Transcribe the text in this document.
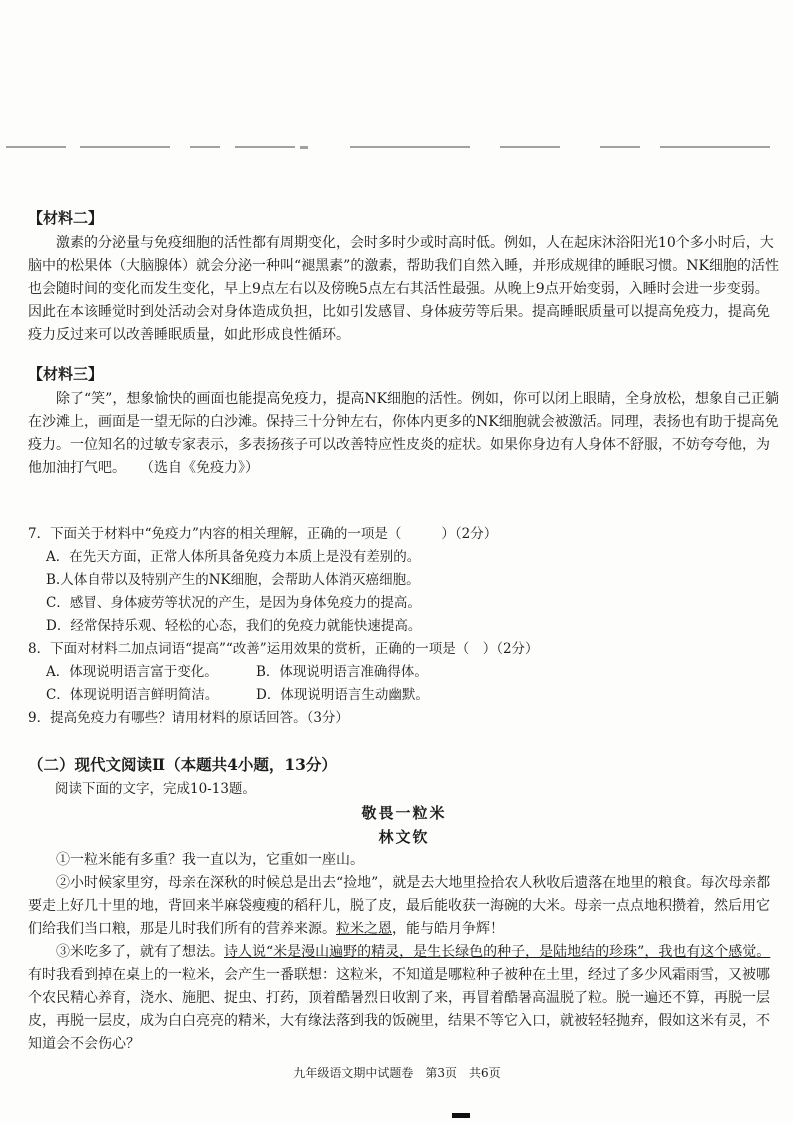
【材料二】

激素的分泌量与免疫细胞的活性都有周期变化，会时多时少或时高时低。例如，人在起床沐浴阳光10个多小时后，大脑中的松果体（大脑腺体）就会分泌一种叫“褪黑素”的激素，帮助我们自然入睡，并形成规律的睡眠习惯。NK细胞的活性也会随时间的变化而发生变化，早上9点左右以及傍晚5点左右其活性最强。从晚上9点开始变弱，入睡时会进一步变弱。因此在本该睡觉时到处活动会对身体造成负担，比如引发感冒、身体疲劳等后果。提高睡眠质量可以提高免疫力，提高免疫力反过来可以改善睡眠质量，如此形成良性循环。

【材料三】

除了“笑”，想象愉快的画面也能提高免疫力，提高NK细胞的活性。例如，你可以闭上眼睛，全身放松，想象自己正躺在沙滩上，画面是一望无际的白沙滩。保持三十分钟左右，你体内更多的NK细胞就会被激活。同理，表扬也有助于提高免疫力。一位知名的过敏专家表示，多表扬孩子可以改善特应性皮炎的症状。如果你身边有人身体不舒服，不妨夸夸他，为他加油打气吧。　　 （选自《免疫力》）

7．下面关于材料中“免疫力”内容的相关理解，正确的一项是（	）（2分）

A．在先天方面，正常人体所具备免疫力本质上是没有差别的。

B.人体自带以及特别产生的NK细胞，会帮助人体消灭癌细胞。

C．感冒、身体疲劳等状况的产生，是因为身体免疫力的提高。

D．经常保持乐观、轻松的心态，我们的免疫力就能快速提高。

8．下面对材料二加点词语“提高”“改善”运用效果的赏析，正确的一项是（　）（2分）

A．体现说明语言富于变化。	B．体现说明语言准确得体。
C．体现说明语言鲜明简洁。	D．体现说明语言生动幽默。

9．提高免疫力有哪些？请用材料的原话回答。（3分）

（二）现代文阅读Ⅱ（本题共4小题，13分）

阅读下面的文字，完成10-13题。

敬畏一粒米

林文钦

①一粒米能有多重？我一直以为，它重如一座山。

②小时候家里穷，母亲在深秋的时候总是出去“捡地”，就是去大地里捡拾农人秋收后遗落在地里的粮食。每次母亲都要走上好几十里的地，背回来半麻袋瘦瘦的稻秆儿，脱了皮，最后能收获一海碗的大米。母亲一点点地积攒着，然后用它们给我们当口粮，那是儿时我们所有的营养来源。粒米之恩，能与皓月争辉！

③米吃多了，就有了想法。诗人说“米是漫山遍野的精灵，是生长绿色的种子，是陆地结的珍珠”，我也有这个感觉。有时我看到掉在桌上的一粒米，会产生一番联想：这粒米，不知道是哪粒种子被种在土里，经过了多少风霜雨雪，又被哪个农民精心养育，浇水、施肥、捉虫、打药，顶着酷暑烈日收割了来，再冒着酷暑高温脱了粒。脱一遍还不算，再脱一层皮，再脱一层皮，成为白白亮亮的精米，大有缘法落到我的饭碗里，结果不等它入口，就被轻轻抛弃，假如这米有灵，不知道会不会伤心？

九年级语文期中试题卷　第3页　共6页
